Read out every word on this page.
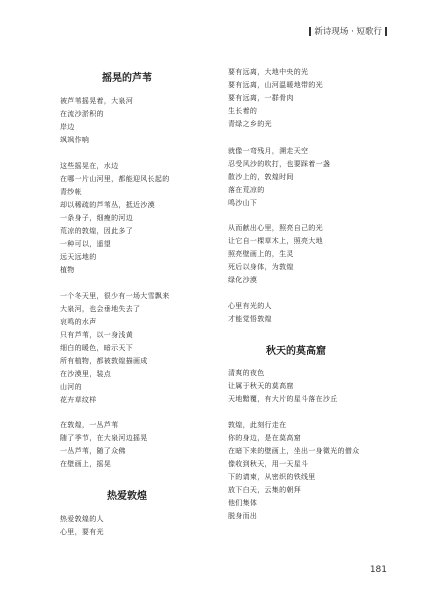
新诗现场 · 短歌行
摇晃的芦苇
被芦苇摇晃着，大泉河
在流沙淤积的
岸边
飒飒作响
这些摇晃在，水边
在哪一片山河里，都能迎风长起的
青纱帐
却以稀疏的芦苇丛，抵近沙漠
一条身子，细瘦的河边
荒凉的敦煌，因此多了
一种可以，遥望
远天远地的
植物
一个冬天里，很少有一场大雪飘来
大泉河，也会垂地失去了
哀鸣的水声
只有芦苇，以一身浅黄
细白的暖色，暗示天下
所有植物，都被敦煌描画成
在沙漠里，装点
山河的
花卉草纹样
在敦煌，一丛芦苇
随了季节，在大泉河边摇晃
一丛芦苇，随了众佛
在壁画上，摇晃
热爱敦煌
热爱敦煌的人
心里，要有光
要有远离，大地中央的光
要有远离，山河温暖地带的光
要有远离，一群骨肉
生长着的
青绿之乡的光
就像一弯残月，溯走天空
忍受风沙的吹打，也要踩着一盏
散沙上的，敦煌时间
落在荒凉的
鸣沙山下
从而献出心里，照亮自己的光
让它自一棵草木上，照亮大地
照亮壁画上的，生灵
死后以身体，为敦煌
绿化沙漠
心里有光的人
才能觉悟敦煌
秋天的莫高窟
清爽的夜色
让属于秋天的莫高窟
天地黯覆，有大片的星斗落在沙丘
敦煌，此刻行走在
你的身边，是在莫高窟
在暗下来的壁画上，坐出一身微光的僧众
像收到秋天，用一天星斗
下的请柬，从密织的铁线里
放下白天，云集的朝拜
他们集体
脱身而出
181
